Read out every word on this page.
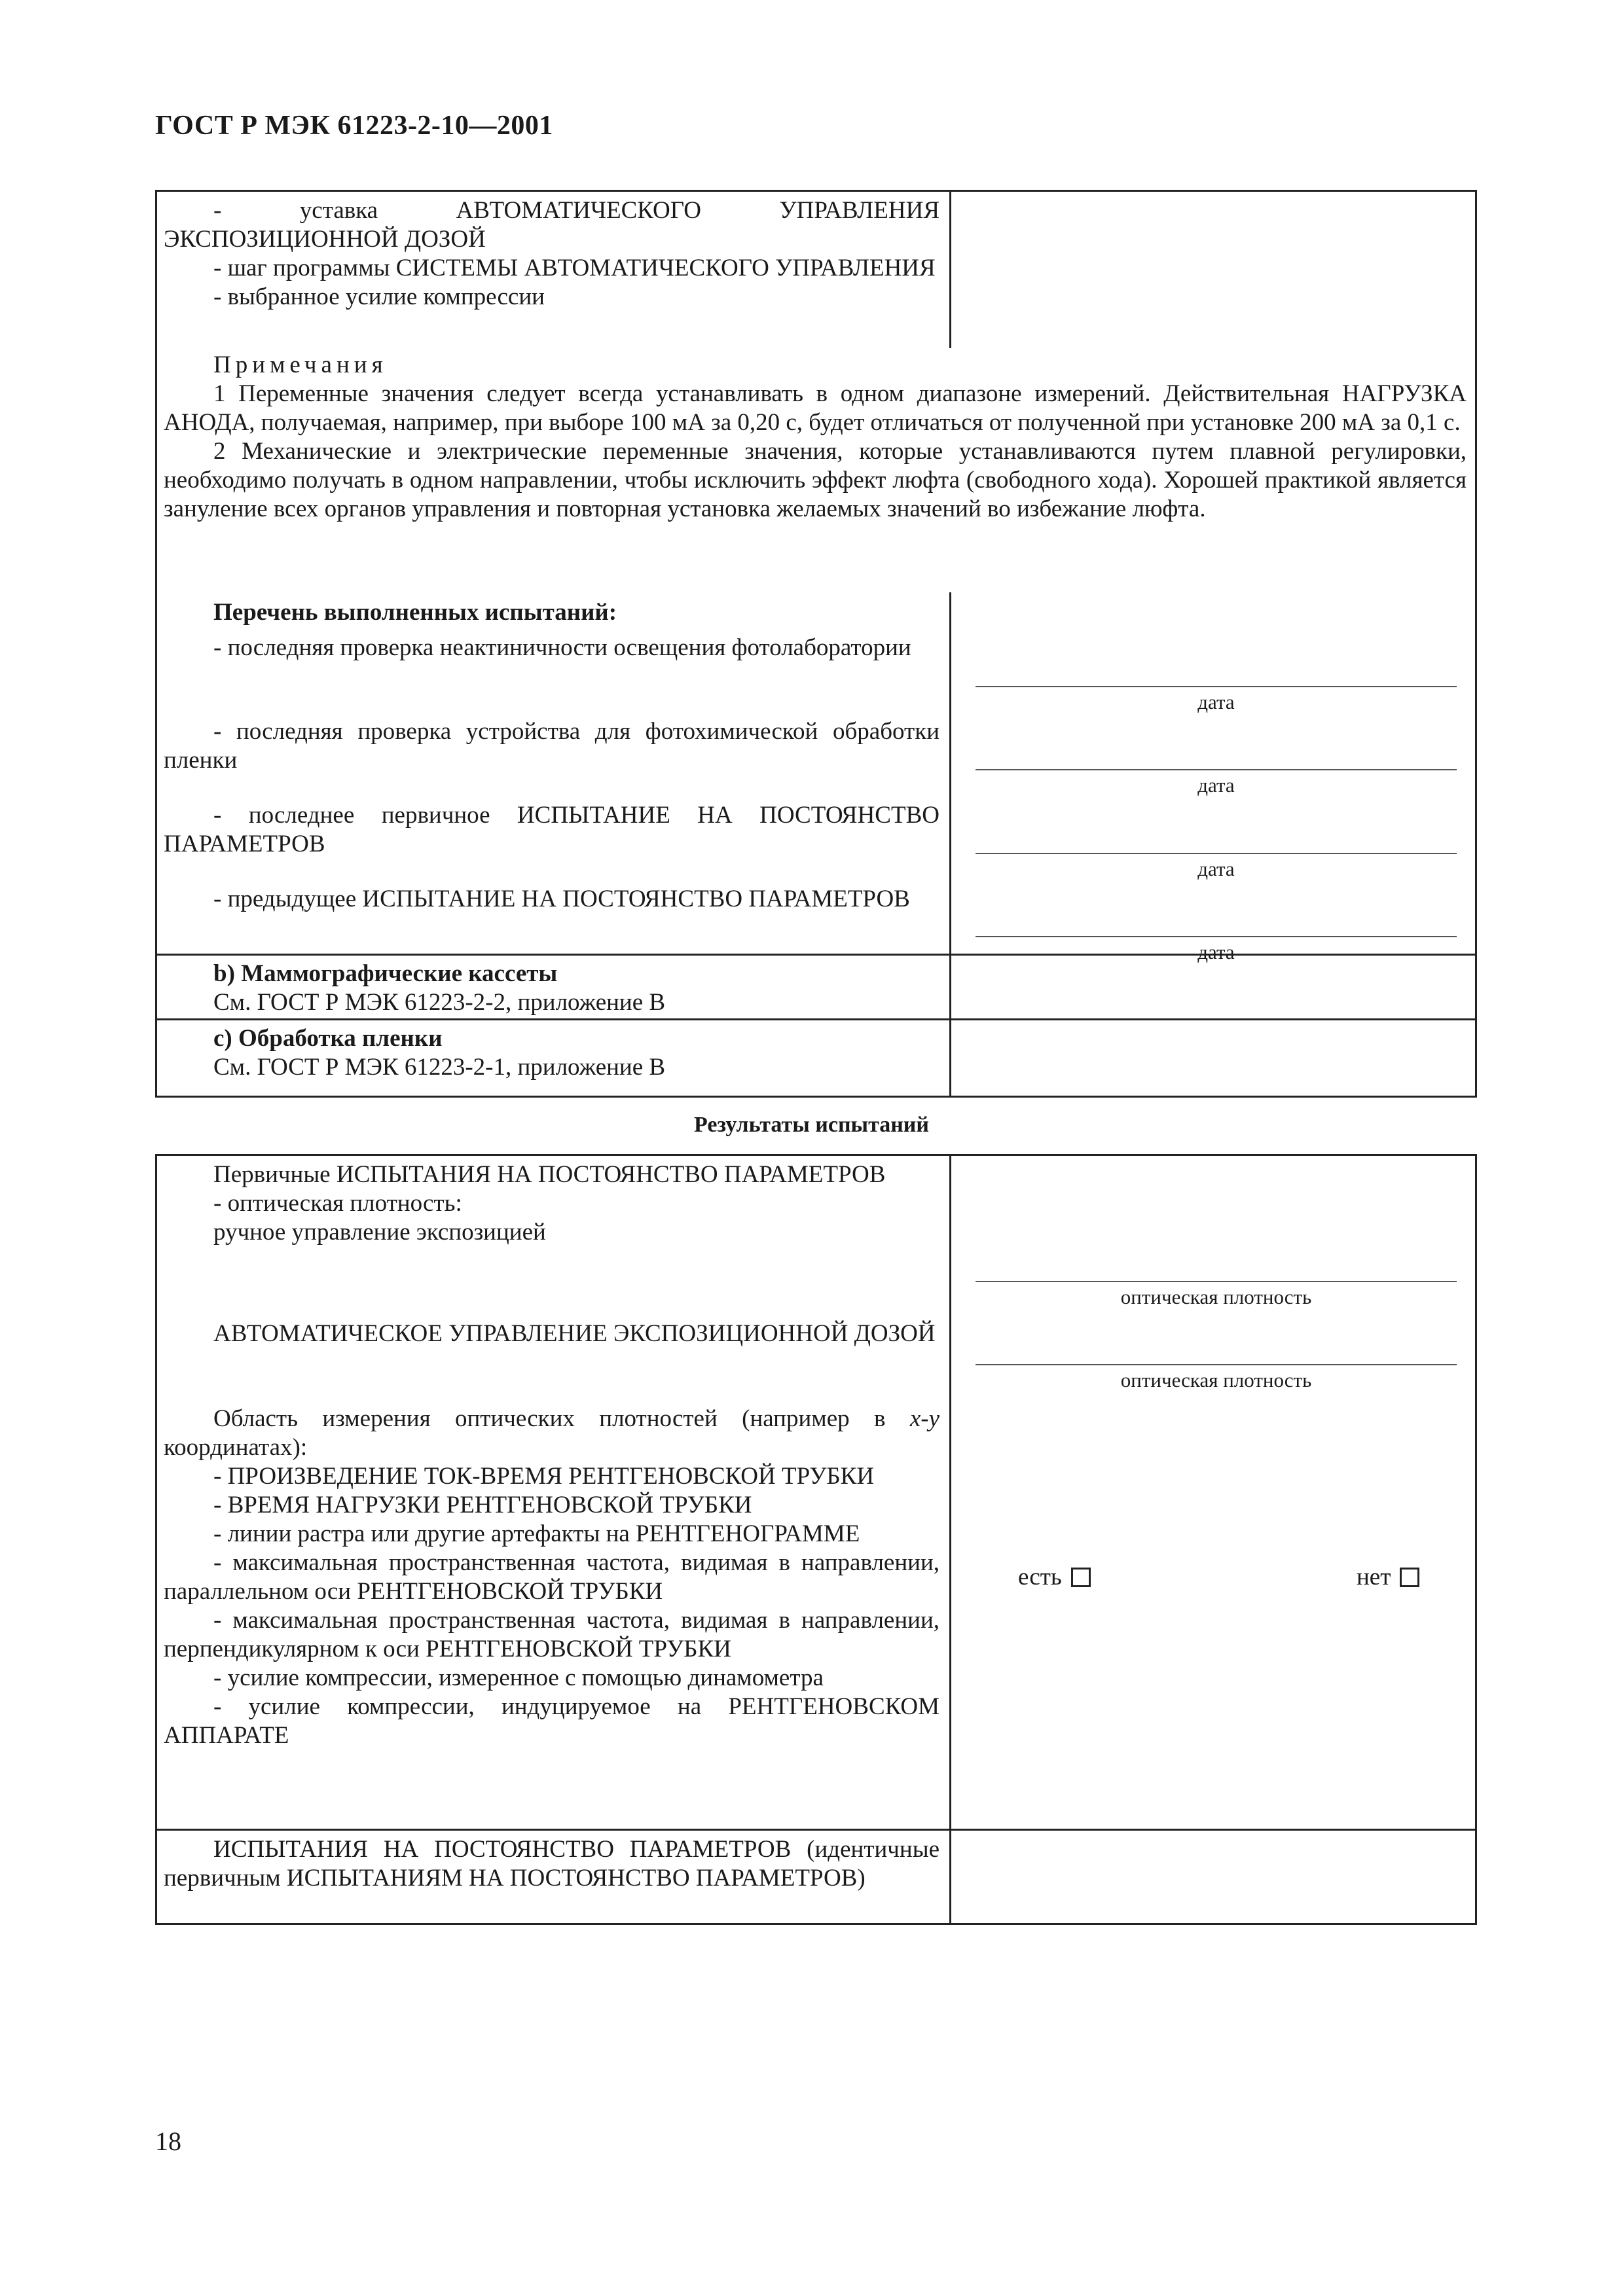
ГОСТ Р МЭК 61223-2-10—2001

- уставка АВТОМАТИЧЕСКОГО УПРАВЛЕНИЯ ЭКСПОЗИЦИОННОЙ ДОЗОЙ

- шаг программы СИСТЕМЫ АВТОМАТИЧЕСКОГО УПРАВЛЕНИЯ

- выбранное усилие компрессии

Примечания

1 Переменные значения следует всегда устанавливать в одном диапазоне измерений. Действительная НАГРУЗКА АНОДА, получаемая, например, при выборе 100 мА за 0,20 с, будет отличаться от полученной при установке 200 мА за 0,1 с.

2 Механические и электрические переменные значения, которые устанавливаются путем плавной регулировки, необходимо получать в одном направлении, чтобы исключить эффект люфта (свободного хода). Хорошей практикой является зануление всех органов управления и повторная установка желаемых значений во избежание люфта.

Перечень выполненных испытаний:

- последняя проверка неактиничности освещения фотолаборатории

- последняя проверка устройства для фотохимической обработки пленки

- последнее первичное ИСПЫТАНИЕ НА ПОСТОЯНСТВО ПАРАМЕТРОВ

- предыдущее ИСПЫТАНИЕ НА ПОСТОЯНСТВО ПАРАМЕТРОВ

дата
дата
дата
дата

b) Маммографические кассеты

См. ГОСТ Р МЭК 61223-2-2, приложение В

c) Обработка пленки

См. ГОСТ Р МЭК 61223-2-1, приложение В

Результаты испытаний

Первичные ИСПЫТАНИЯ НА ПОСТОЯНСТВО ПАРАМЕТРОВ

- оптическая плотность:

ручное управление экспозицией

АВТОМАТИЧЕСКОЕ УПРАВЛЕНИЕ ЭКСПОЗИЦИОННОЙ ДОЗОЙ

Область измерения оптических плотностей (например в x-y координатах):

- ПРОИЗВЕДЕНИЕ ТОК-ВРЕМЯ РЕНТГЕНОВСКОЙ ТРУБКИ

- ВРЕМЯ НАГРУЗКИ РЕНТГЕНОВСКОЙ ТРУБКИ

- линии растра или другие артефакты на РЕНТГЕНОГРАММЕ

- максимальная пространственная частота, видимая в направлении, параллельном оси РЕНТГЕНОВСКОЙ ТРУБКИ

- максимальная пространственная частота, видимая в направлении, перпендикулярном к оси РЕНТГЕНОВСКОЙ ТРУБКИ

- усилие компрессии, измеренное с помощью динамометра

- усилие компрессии, индуцируемое на РЕНТГЕНОВСКОМ АППАРАТЕ

оптическая плотность
оптическая плотность
есть	нет

ИСПЫТАНИЯ НА ПОСТОЯНСТВО ПАРАМЕТРОВ (идентичные первичным ИСПЫТАНИЯМ НА ПОСТОЯНСТВО ПАРАМЕТРОВ)

18
